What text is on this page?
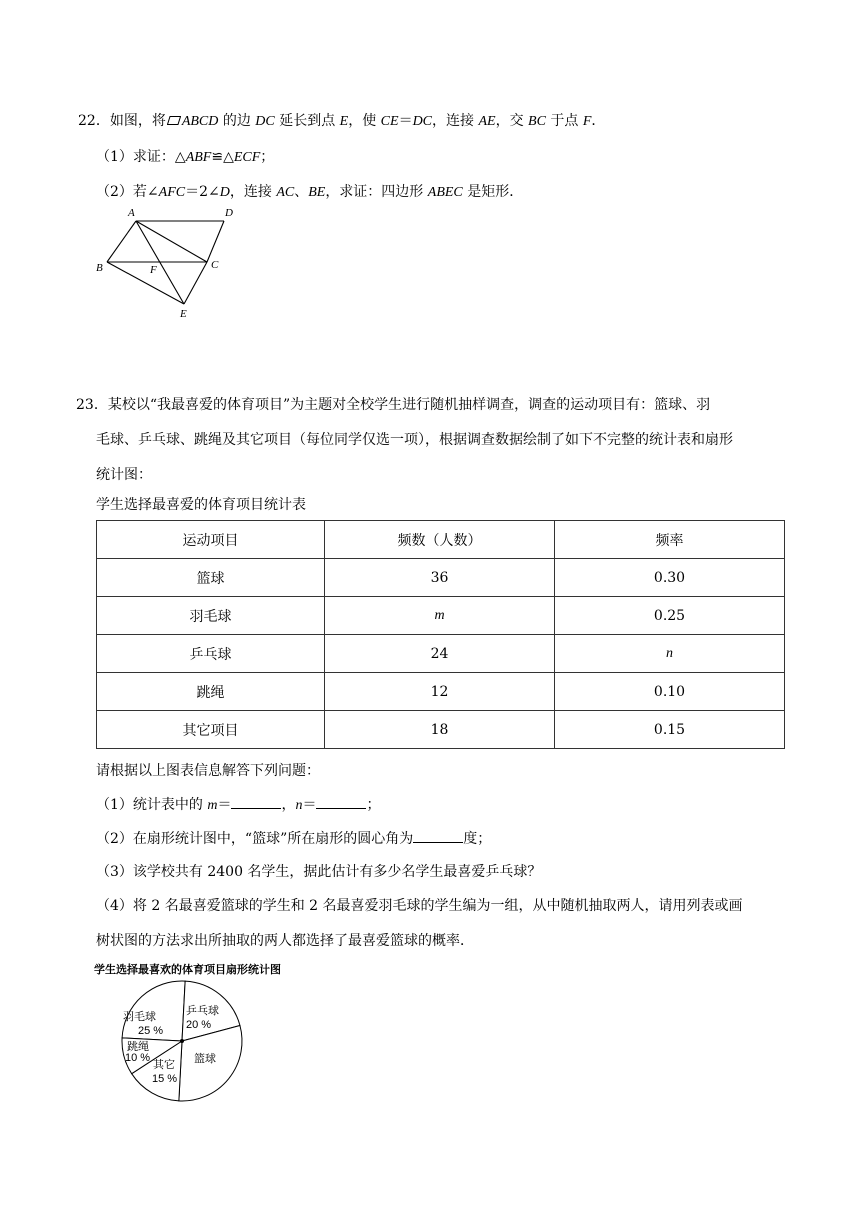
22．如图，将 ABCD 的边 DC 延长到点 E，使 CE＝DC，连接 AE，交 BC 于点 F．
（1）求证：△ABF≌△ECF；
（2）若∠AFC＝2∠D，连接 AC、BE，求证：四边形 ABEC 是矩形．
A	D
B	C
F
E
23．某校以“我最喜爱的体育项目”为主题对全校学生进行随机抽样调查，调查的运动项目有：篮球、羽
毛球、乒乓球、跳绳及其它项目（每位同学仅选一项），根据调查数据绘制了如下不完整的统计表和扇形
统计图：
学生选择最喜爱的体育项目统计表
运动项目	频数（人数）	频率
篮球	36	0.30
羽毛球	m	0.25
乒乓球	24	n
跳绳	12	0.10
其它项目	18	0.15
请根据以上图表信息解答下列问题：
（1）统计表中的 m＝	，n＝	；
（2）在扇形统计图中，“篮球”所在扇形的圆心角为	度；
（3）该学校共有 2400 名学生，据此估计有多少名学生最喜爱乒乓球？
（4）将 2 名最喜爱篮球的学生和 2 名最喜爱羽毛球的学生编为一组，从中随机抽取两人，请用列表或画
树状图的方法求出所抽取的两人都选择了最喜爱篮球的概率．
学生选择最喜欢的体育项目扇形统计图
羽毛球
25 %
乒乓球
20 %
篮球
其它
15 %
跳绳
10 %
